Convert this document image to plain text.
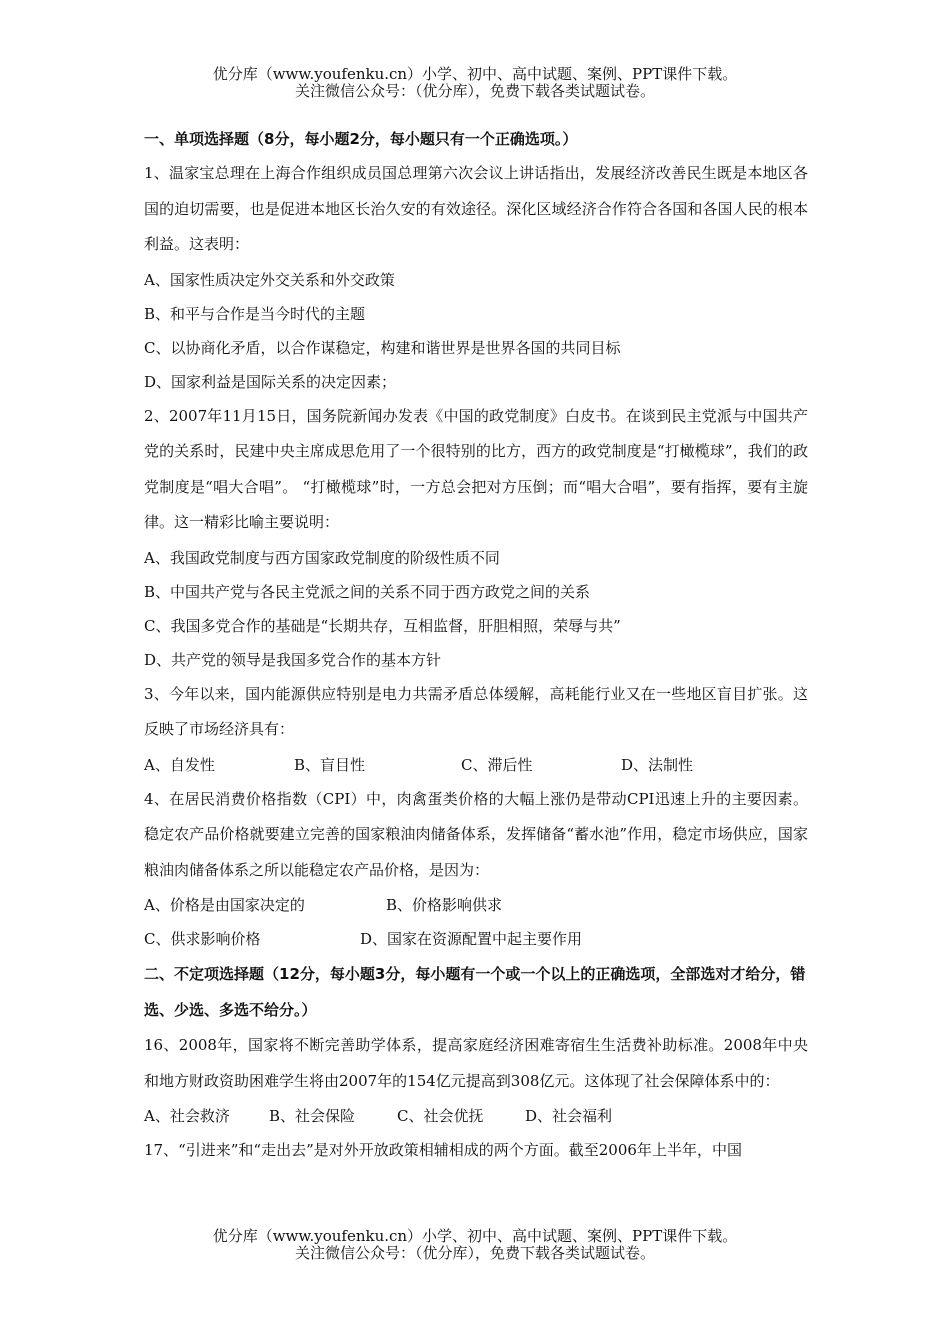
优分库（www.youfenku.cn）小学、初中、高中试题、案例、PPT课件下载。
关注微信公众号：（优分库），免费下载各类试题试卷。

一、单项选择题（8分，每小题2分，每小题只有一个正确选项。）

1、温家宝总理在上海合作组织成员国总理第六次会议上讲话指出，发展经济改善民生既是本地区各国的迫切需要，也是促进本地区长治久安的有效途径。深化区域经济合作符合各国和各国人民的根本利益。这表明：

A、国家性质决定外交关系和外交政策

B、和平与合作是当今时代的主题

C、以协商化矛盾，以合作谋稳定，构建和谐世界是世界各国的共同目标

D、国家利益是国际关系的决定因素；

2、2007年11月15日，国务院新闻办发表《中国的政党制度》白皮书。在谈到民主党派与中国共产党的关系时，民建中央主席成思危用了一个很特别的比方，西方的政党制度是“打橄榄球”，我们的政党制度是“唱大合唱”。 “打橄榄球”时，一方总会把对方压倒；而“唱大合唱”，要有指挥，要有主旋律。这一精彩比喻主要说明：

A、我国政党制度与西方国家政党制度的阶级性质不同

B、中国共产党与各民主党派之间的关系不同于西方政党之间的关系

C、我国多党合作的基础是“长期共存，互相监督，肝胆相照，荣辱与共”

D、共产党的领导是我国多党合作的基本方针

3、今年以来，国内能源供应特别是电力共需矛盾总体缓解，高耗能行业又在一些地区盲目扩张。这反映了市场经济具有：

A、自发性	B、盲目性	C、滞后性	D、法制性

4、在居民消费价格指数（CPI）中，肉禽蛋类价格的大幅上涨仍是带动CPI迅速上升的主要因素。稳定农产品价格就要建立完善的国家粮油肉储备体系，发挥储备“蓄水池”作用，稳定市场供应，国家粮油肉储备体系之所以能稳定农产品价格，是因为：

A、价格是由国家决定的	B、价格影响供求
C、供求影响价格	D、国家在资源配置中起主要作用

二、不定项选择题（12分，每小题3分，每小题有一个或一个以上的正确选项，全部选对才给分，错选、少选、多选不给分。）

16、2008年，国家将不断完善助学体系，提高家庭经济困难寄宿生生活费补助标准。2008年中央和地方财政资助困难学生将由2007年的154亿元提高到308亿元。这体现了社会保障体系中的：

A、社会救济	B、社会保险	C、社会优抚	D、社会福利

17、“引进来”和“走出去”是对外开放政策相辅相成的两个方面。截至2006年上半年，中国

优分库（www.youfenku.cn）小学、初中、高中试题、案例、PPT课件下载。
关注微信公众号：（优分库），免费下载各类试题试卷。
